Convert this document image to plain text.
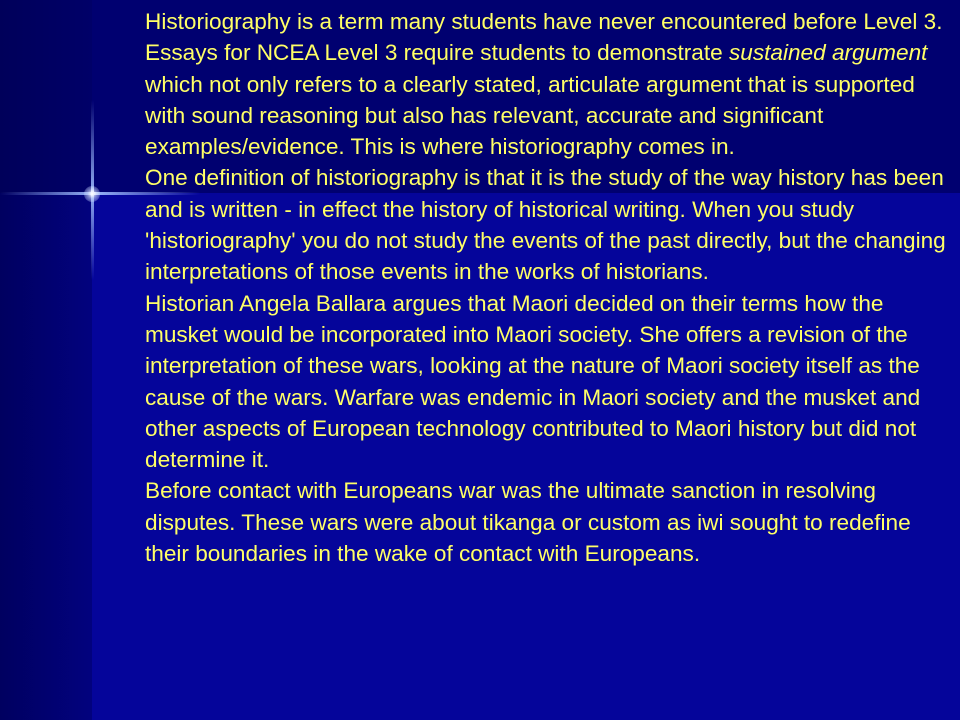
Historiography is a term many students have never encountered before Level 3. Essays for NCEA Level 3 require students to demonstrate sustained argument which not only refers to a clearly stated, articulate argument that is supported with sound reasoning but also has relevant, accurate and significant examples/evidence. This is where historiography comes in.

One definition of historiography is that it is the study of the way history has been and is written - in effect the history of historical writing. When you study 'historiography' you do not study the events of the past directly, but the changing interpretations of those events in the works of historians.

Historian Angela Ballara argues that Maori decided on their terms how the musket would be incorporated into Maori society. She offers a revision of the interpretation of these wars, looking at the nature of Maori society itself as the cause of the wars. Warfare was endemic in Maori society and the musket and other aspects of European technology contributed to Maori history but did not determine it.

Before contact with Europeans war was the ultimate sanction in resolving disputes. These wars were about tikanga or custom as iwi sought to redefine their boundaries in the wake of contact with Europeans.
